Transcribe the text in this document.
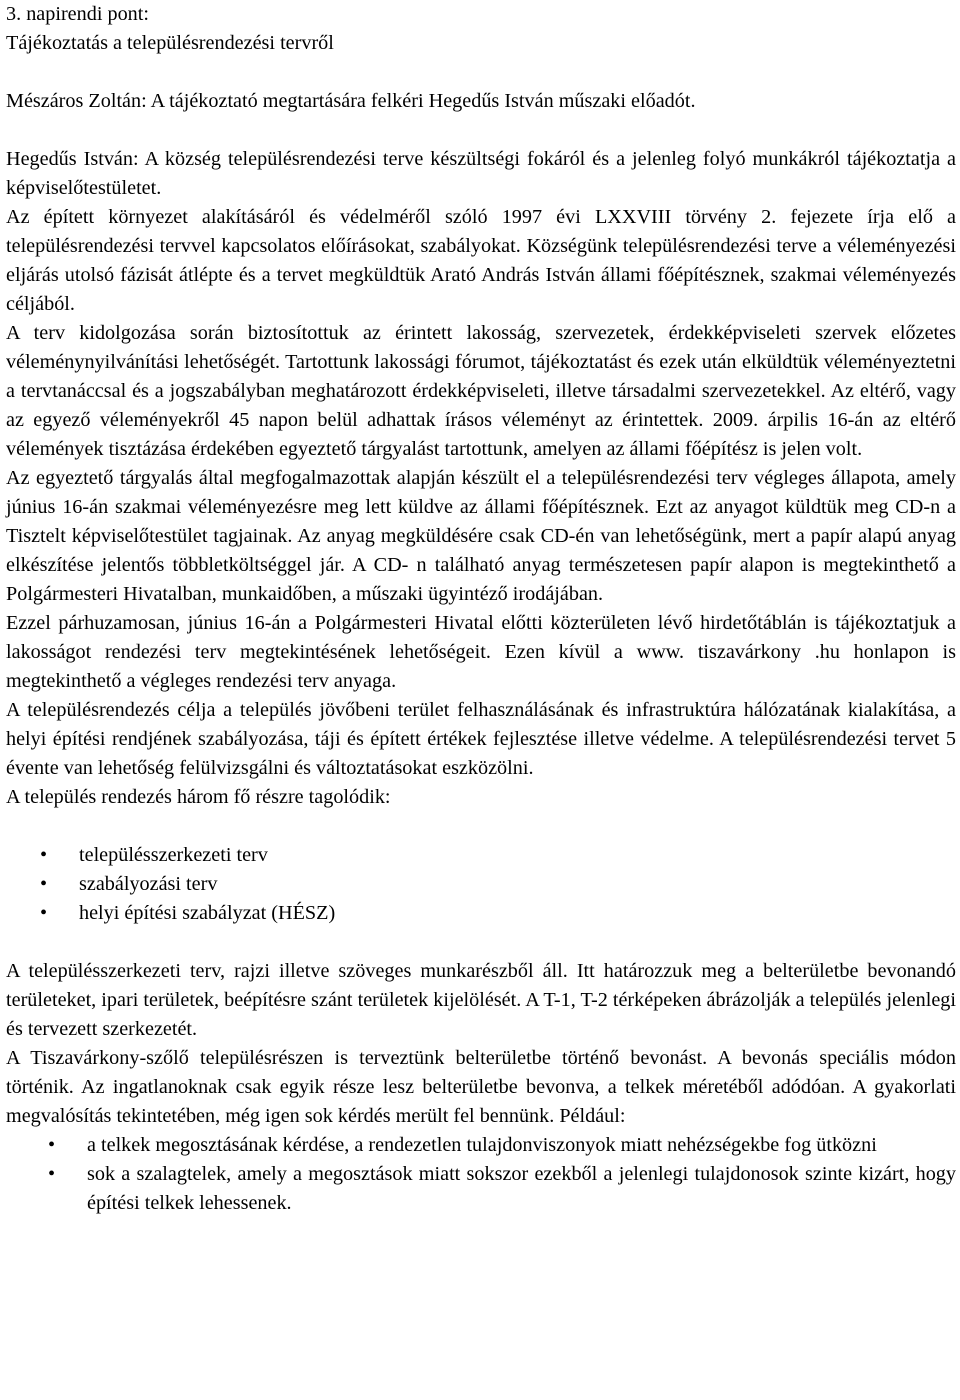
3. napirendi pont:

Tájékoztatás a településrendezési tervről

Mészáros Zoltán: A tájékoztató megtartására felkéri Hegedűs István műszaki előadót.

Hegedűs István: A község településrendezési terve készültségi fokáról és a jelenleg folyó munkákról tájékoztatja a képviselőtestületet.

Az épített környezet alakításáról és védelméről szóló 1997 évi LXXVIII törvény 2. fejezete írja elő a településrendezési tervvel kapcsolatos előírásokat, szabályokat. Községünk településrendezési terve a véleményezési eljárás utolsó fázisát átlépte és a tervet megküldtük Arató András István állami főépítésznek, szakmai véleményezés céljából.

A terv kidolgozása során biztosítottuk az érintett lakosság, szervezetek, érdekképviseleti szervek előzetes véleménynyilvánítási lehetőségét. Tartottunk lakossági fórumot, tájékoztatást és ezek után elküldtük véleményeztetni a tervtanáccsal és a jogszabályban meghatározott érdekképviseleti, illetve társadalmi szervezetekkel. Az eltérő, vagy az egyező véleményekről 45 napon belül adhattak írásos véleményt az érintettek. 2009. árpilis 16-án az eltérő vélemények tisztázása érdekében egyeztető tárgyalást tartottunk, amelyen az állami főépítész is jelen volt.

Az egyeztető tárgyalás által megfogalmazottak alapján készült el a településrendezési terv végleges állapota, amely június 16-án szakmai véleményezésre meg lett küldve az állami főépítésznek. Ezt az anyagot küldtük meg CD-n a Tisztelt képviselőtestület tagjainak. Az anyag megküldésére csak CD-én van lehetőségünk, mert a papír alapú anyag elkészítése jelentős többletköltséggel jár. A CD- n található anyag természetesen papír alapon is megtekinthető a Polgármesteri Hivatalban, munkaidőben, a műszaki ügyintéző irodájában.

Ezzel párhuzamosan, június 16-án a Polgármesteri Hivatal előtti közterületen lévő hirdetőtáblán is tájékoztatjuk a lakosságot rendezési terv megtekintésének lehetőségeit. Ezen kívül a www. tiszavárkony .hu honlapon is megtekinthető a végleges rendezési terv anyaga.

A településrendezés célja a település jövőbeni terület felhasználásának és infrastruktúra hálózatának kialakítása, a helyi építési rendjének szabályozása, táji és épített értékek fejlesztése illetve védelme. A településrendezési tervet 5 évente van lehetőség felülvizsgálni és változtatásokat eszközölni.

A település rendezés három fő részre tagolódik:

• településszerkezeti terv
• szabályozási terv
• helyi építési szabályzat (HÉSZ)

A településszerkezeti terv, rajzi illetve szöveges munkarészből áll. Itt határozzuk meg a belterületbe bevonandó területeket, ipari területek, beépítésre szánt területek kijelölését. A T-1, T-2 térképeken ábrázolják a település jelenlegi és tervezett szerkezetét.

A Tiszavárkony-szőlő településrészen is terveztünk belterületbe történő bevonást. A bevonás speciális módon történik. Az ingatlanoknak csak egyik része lesz belterületbe bevonva, a telkek méretéből adódóan. A gyakorlati megvalósítás tekintetében, még igen sok kérdés merült fel bennünk. Például:

• a telkek megosztásának kérdése, a rendezetlen tulajdonviszonyok miatt nehézségekbe fog ütközni
• sok a szalagtelek, amely a megosztások miatt sokszor ezekből a jelenlegi tulajdonosok szinte kizárt, hogy építési telkek lehessenek.
